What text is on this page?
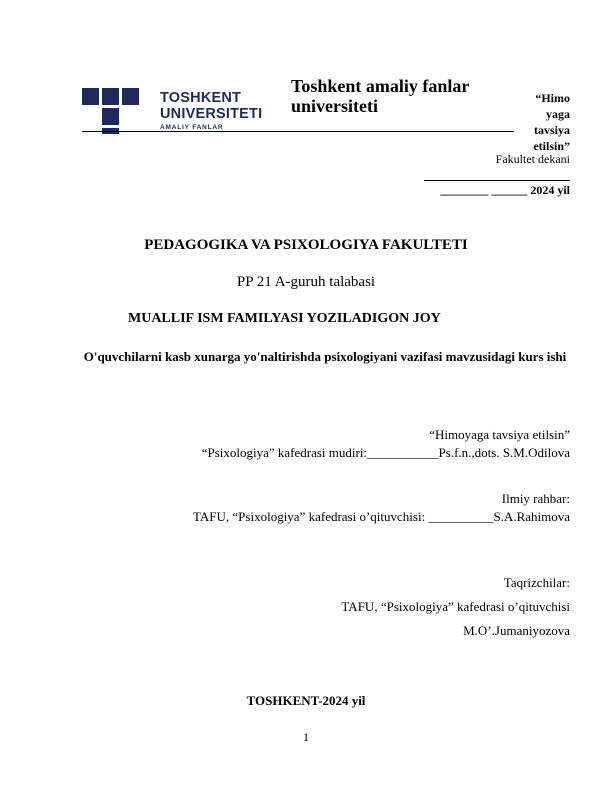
TOSHKENT
UNIVERSITETI
AMALIY FANLAR
Toshkent amaliy fanlar universiteti	“Himo yaga tavsiya etilsin”
Fakultet dekani
________ ______ 2024 yil
PEDAGOGIKA VA PSIXOLOGIYA FAKULTETI
PP 21 A-guruh talabasi
MUALLIF ISM FAMILYASI YOZILADIGON JOY
O'quvchilarni kasb xunarga yo'naltirishda psixologiyani vazifasi mavzusidagi kurs ishi
“Himoyaga tavsiya etilsin”
“Psixologiya” kafedrasi mudiri:___________Ps.f.n.,dots. S.M.Odilova
Ilmiy rahbar:
TAFU, “Psixologiya” kafedrasi o’qituvchisi: __________S.A.Rahimova
Taqrizchilar:
TAFU, “Psixologiya” kafedrasi o’qituvchisi
M.O’.Jumaniyozova
TOSHKENT-2024 yil
1
